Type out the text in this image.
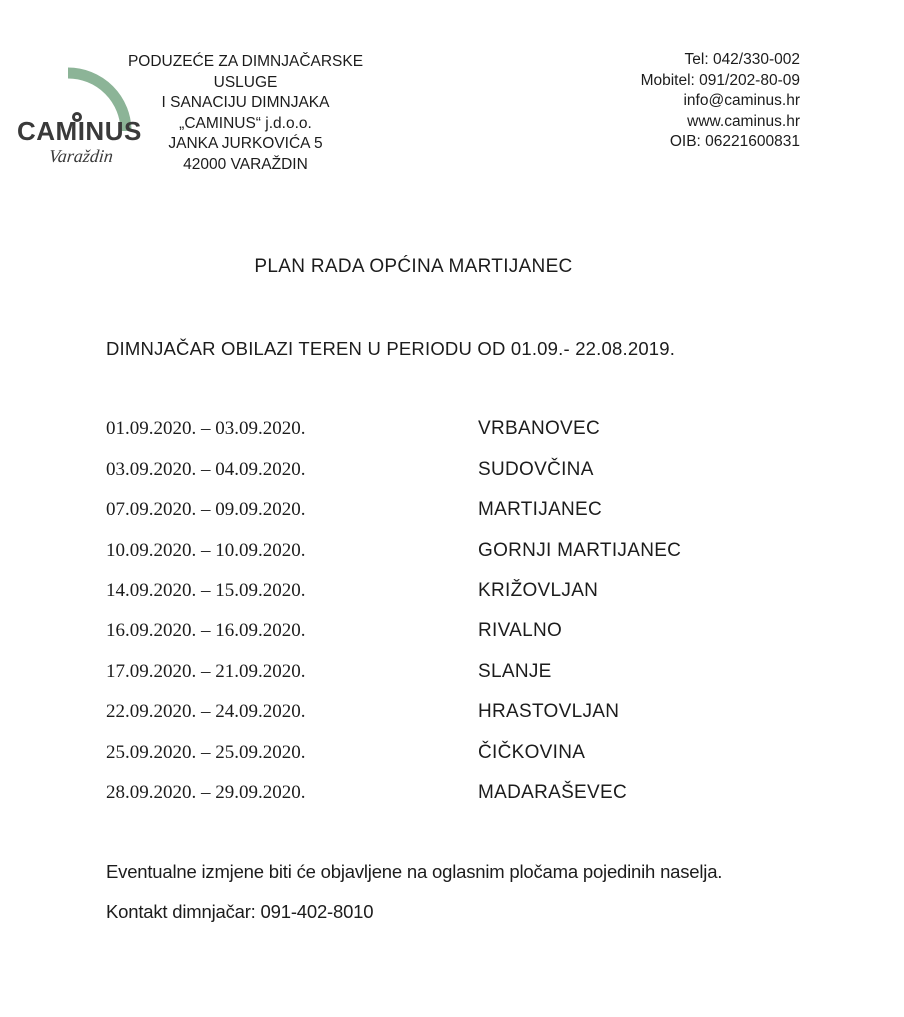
CAMINUS
Varaždin
PODUZEĆE ZA DIMNJAČARSKE USLUGE
I SANACIJU DIMNJAKA
„CAMINUS“ j.d.o.o.
JANKA JURKOVIĆA 5
42000 VARAŽDIN
Tel: 042/330-002
Mobitel: 091/202-80-09
info@caminus.hr
www.caminus.hr
OIB: 06221600831
PLAN RADA OPĆINA MARTIJANEC
DIMNJAČAR OBILAZI TEREN U PERIODU OD 01.09.- 22.08.2019.
01.09.2020. – 03.09.2020.	VRBANOVEC
03.09.2020. – 04.09.2020.	SUDOVČINA
07.09.2020. – 09.09.2020.	MARTIJANEC
10.09.2020. – 10.09.2020.	GORNJI MARTIJANEC
14.09.2020. – 15.09.2020.	KRIŽOVLJAN
16.09.2020. – 16.09.2020.	RIVALNO
17.09.2020. – 21.09.2020.	SLANJE
22.09.2020. – 24.09.2020.	HRASTOVLJAN
25.09.2020. – 25.09.2020.	ČIČKOVINA
28.09.2020. – 29.09.2020.	MADARAŠEVEC
Eventualne izmjene biti će objavljene na oglasnim pločama pojedinih naselja.
Kontakt dimnjačar: 091-402-8010
